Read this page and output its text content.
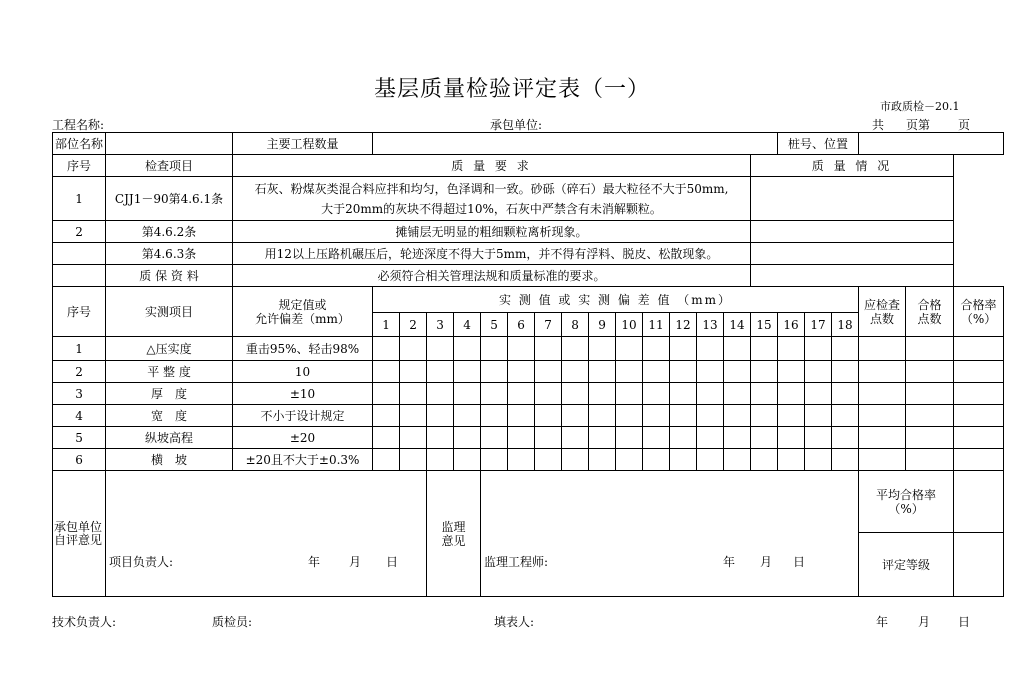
基层质量检验评定表（一）
市政质检－20.1
工程名称:	承包单位:	共 页第 页
部位名称		主要工程数量																桩号、位置					
序号	检查项目	质 量 要 求															质 量 情 况						
1	CJJ1－90第4.6.1条	石灰、粉煤灰类混合料应拌和均匀，色泽调和一致。砂砾（碎石）最大粒径不大于50mm,
大于20mm的灰块不得超过10%，石灰中严禁含有未消解颗粒。																					

2	第4.6.2条	摊铺层无明显的粗细颗粒离析现象。																					
	第4.6.3条	用12以上压路机碾压后，轮迹深度不得大于5mm，并不得有浮料、脱皮、松散现象。																					
	质 保 资 料	必须符合相关管理法规和质量标准的要求。																					
序号	实测项目	规定值或
允许偏差（mm）	实 测 值 或 实 测 偏 差 值 （mm）																		应检查点数	合格点数	合格率（%）
			1	2	3	4	5	6	7	8	9	10	11	12	13	14	15	16	17	18			
1	△压实度	重击95%、轻击98%																					
2	平 整 度	10																					
3	厚　度	±10																					
4	宽　度	不小于设计规定																					
5	纵坡高程	±20																					
6	横　坡	±20且不大于±0.3%																					
承包单位自评意见	项目负责人: 年 月 日				监理意见		监理工程师: 年 月 日														平均合格率（%）		
																					评定等级		
技术负责人:	质检员:	填表人:	年 月 日
